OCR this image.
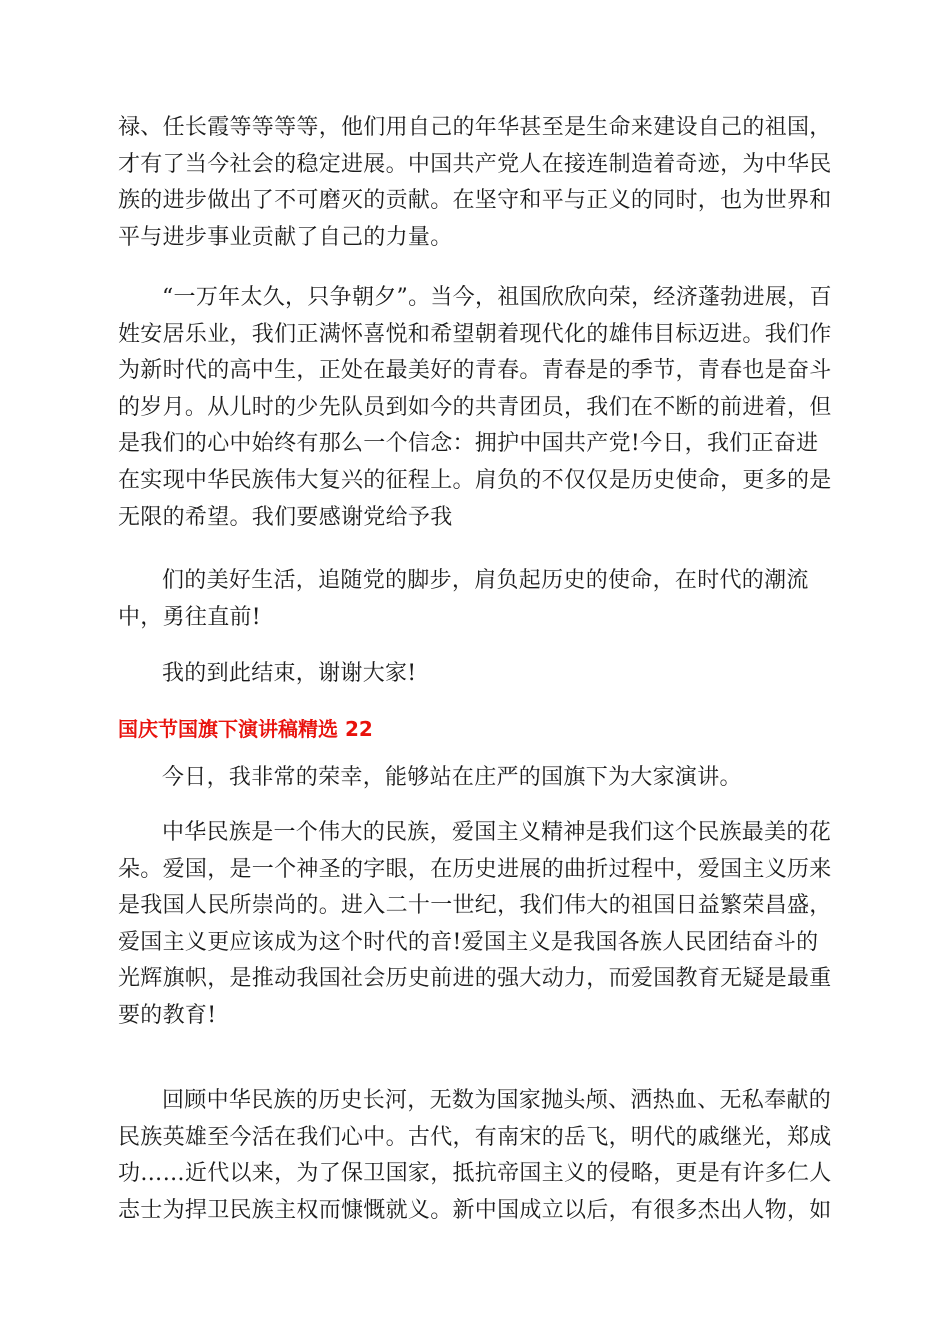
禄、任长霞等等等等，他们用自己的年华甚至是生命来建设自己的祖国，才有了当今社会的稳定进展。中国共产党人在接连制造着奇迹，为中华民族的进步做出了不可磨灭的贡献。在坚守和平与正义的同时，也为世界和平与进步事业贡献了自己的力量。

“一万年太久，只争朝夕”。当今，祖国欣欣向荣，经济蓬勃进展，百姓安居乐业，我们正满怀喜悦和希望朝着现代化的雄伟目标迈进。我们作为新时代的高中生，正处在最美好的青春。青春是的季节，青春也是奋斗的岁月。从儿时的少先队员到如今的共青团员，我们在不断的前进着，但是我们的心中始终有那么一个信念：拥护中国共产党!今日，我们正奋进在实现中华民族伟大复兴的征程上。肩负的不仅仅是历史使命，更多的是无限的希望。我们要感谢党给予我

们的美好生活，追随党的脚步，肩负起历史的使命，在时代的潮流中，勇往直前!

我的到此结束，谢谢大家!

国庆节国旗下演讲稿精选 22

今日，我非常的荣幸，能够站在庄严的国旗下为大家演讲。

中华民族是一个伟大的民族，爱国主义精神是我们这个民族最美的花朵。爱国，是一个神圣的字眼，在历史进展的曲折过程中，爱国主义历来是我国人民所崇尚的。进入二十一世纪，我们伟大的祖国日益繁荣昌盛，爱国主义更应该成为这个时代的音!爱国主义是我国各族人民团结奋斗的光辉旗帜，是推动我国社会历史前进的强大动力，而爱国教育无疑是最重要的教育!

回顾中华民族的历史长河，无数为国家抛头颅、洒热血、无私奉献的民族英雄至今活在我们心中。古代，有南宋的岳飞，明代的戚继光，郑成功……近代以来，为了保卫国家，抵抗帝国主义的侵略，更是有许多仁人志士为捍卫民族主权而慷慨就义。新中国成立以后，有很多杰出人物，如
